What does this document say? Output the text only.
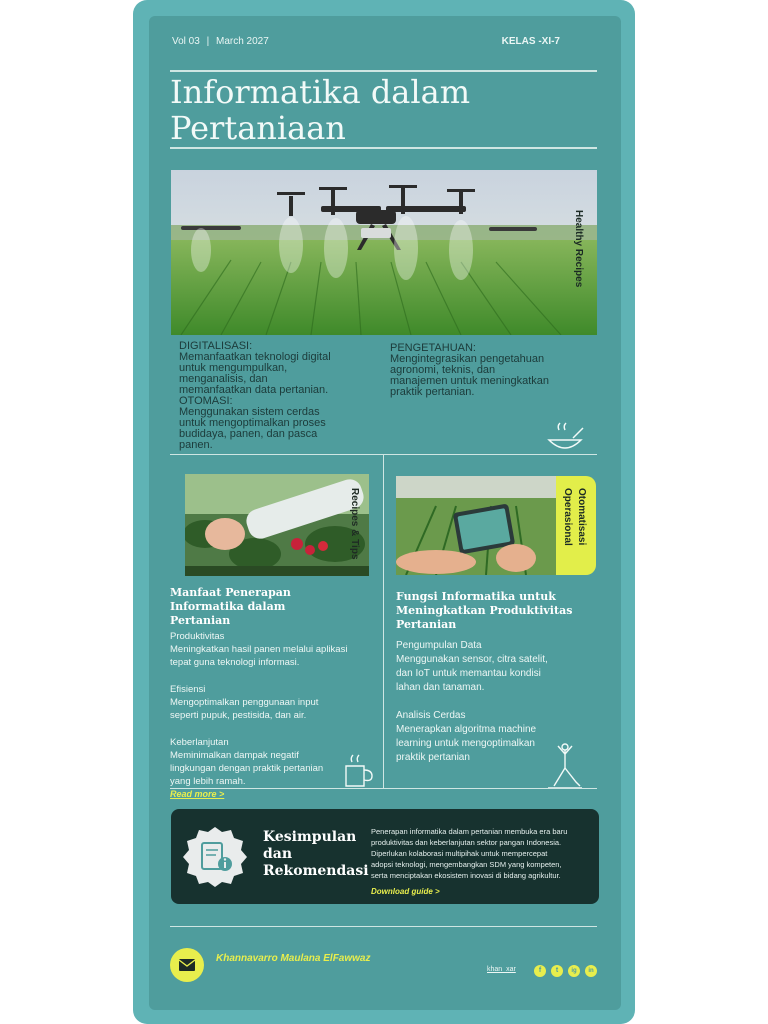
Vol 03 | March 2027	KELAS -XI-7
Informatika dalam
Pertaniaan
Healthy Recipes
DIGITALISASI:
Memanfaatkan teknologi digital
untuk mengumpulkan,
menganalisis, dan
memanfaatkan data pertanian.
OTOMASI:
Menggunakan sistem cerdas
untuk mengoptimalkan proses
budidaya, panen, dan pasca
panen.
PENGETAHUAN:
Mengintegrasikan pengetahuan
agronomi, teknis, dan
manajemen untuk meningkatkan
praktik pertanian.
Recipes & Tips	Otomatisasi
Operasional
Manfaat Penerapan
Informatika dalam
Pertanian
Produktivitas
Meningkatkan hasil panen melalui aplikasi
tepat guna teknologi informasi.
Efisiensi
Mengoptimalkan penggunaan input
seperti pupuk, pestisida, dan air.
Keberlanjutan
Meminimalkan dampak negatif
lingkungan dengan praktik pertanian
yang lebih ramah.
Read more >
Fungsi Informatika untuk
Meningkatkan Produktivitas
Pertanian
Pengumpulan Data
Menggunakan sensor, citra satelit,
dan IoT untuk memantau kondisi
lahan dan tanaman.
Analisis Cerdas
Menerapkan algoritma machine
learning untuk mengoptimalkan
praktik pertanian
Kesimpulan
dan
Rekomendasi
Penerapan informatika dalam pertanian membuka era baru
produktivitas dan keberlanjutan sektor pangan Indonesia.
Diperlukan kolaborasi multipihak untuk mempercepat
adopsi teknologi, mengembangkan SDM yang kompeten,
serta menciptakan ekosistem inovasi di bidang agrikultur.
Download guide >
Khannavarro Maulana ElFawwaz
khan_xar	f	t	ig	in
